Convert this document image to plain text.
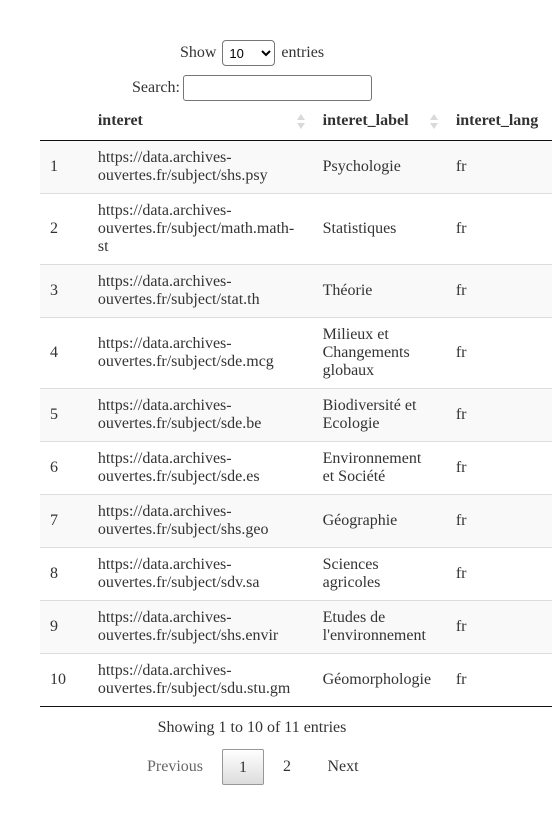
Show
10	entries
Search:
	interet	interet_label	interet_lang
1	https://data.archives-ouvertes.fr/subject/shs.psy	Psychologie	fr
2	https://data.archives-ouvertes.fr/subject/math.math-st	Statistiques	fr
3	https://data.archives-ouvertes.fr/subject/stat.th	Théorie	fr
4	https://data.archives-ouvertes.fr/subject/sde.mcg	Milieux et Changements globaux	fr
5	https://data.archives-ouvertes.fr/subject/sde.be	Biodiversité et Ecologie	fr
6	https://data.archives-ouvertes.fr/subject/sde.es	Environnement et Société	fr
7	https://data.archives-ouvertes.fr/subject/shs.geo	Géographie	fr
8	https://data.archives-ouvertes.fr/subject/sdv.sa	Sciences agricoles	fr
9	https://data.archives-ouvertes.fr/subject/shs.envir	Etudes de l'environnement	fr
10	https://data.archives-ouvertes.fr/subject/sdu.stu.gm	Géomorphologie	fr
Showing 1 to 10 of 11 entries
Previous	1	2	Next
